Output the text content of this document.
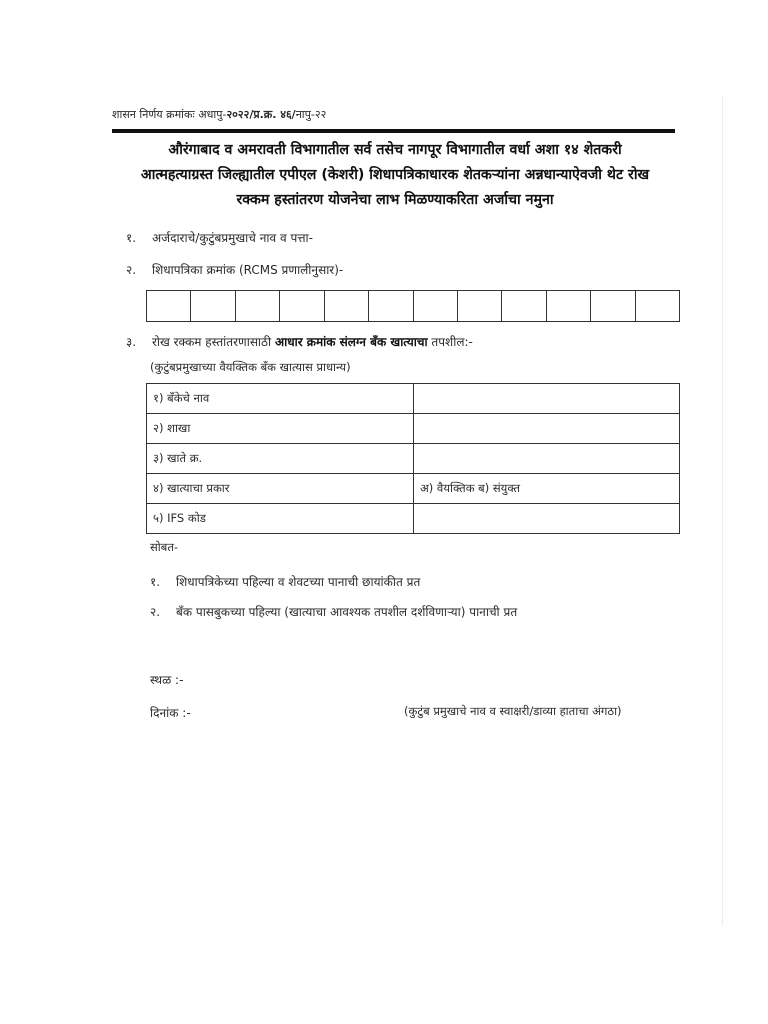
शासन निर्णय क्रमांकः अधापु-२०२२/प्र.क्र. ४६/नापु-२२
औरंगाबाद व अमरावती विभागातील सर्व तसेच नागपूर विभागातील वर्धा अशा १४ शेतकरी
आत्महत्याग्रस्त जिल्ह्यातील एपीएल (केशरी) शिधापत्रिकाधारक शेतकऱ्यांना अन्नधान्याऐवजी थेट रोख
रक्कम हस्तांतरण योजनेचा लाभ मिळण्याकरिता अर्जाचा नमुना
१. अर्जदाराचे/कुटुंबप्रमुखाचे नाव व पत्ता-
२. शिधापत्रिका क्रमांक (RCMS प्रणालीनुसार)-
३. रोख रक्कम हस्तांतरणासाठी आधार क्रमांक संलग्न बँक खात्याचा तपशील:-
(कुटुंबप्रमुखाच्या वैयक्तिक बँक खात्यास प्राधान्य)
१) बँकेचे नाव	
२) शाखा	
३) खाते क्र.	
४) खात्याचा प्रकार	अ) वैयक्तिक ब) संयुक्त
५) IFS कोड	
सोबत-
१. शिधापत्रिकेच्या पहिल्या व शेवटच्या पानाची छायांकीत प्रत
२. बँक पासबुकच्या पहिल्या (खात्याचा आवश्यक तपशील दर्शविणाऱ्या) पानाची प्रत
स्थळ :-
दिनांक :-	(कुटुंब प्रमुखाचे नाव व स्वाक्षरी/डाव्या हाताचा अंगठा)
